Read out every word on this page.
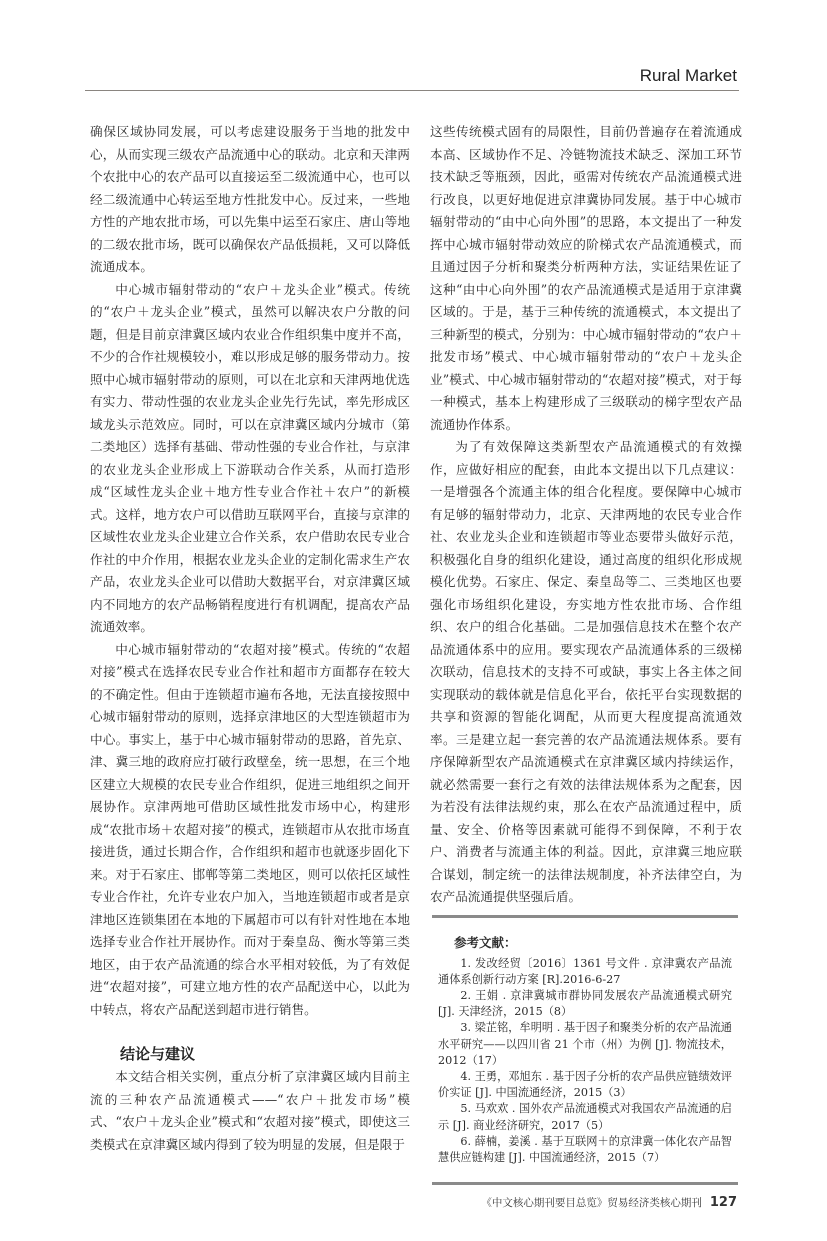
Rural Market

确保区域协同发展，可以考虑建设服务于当地的批发中心，从而实现三级农产品流通中心的联动。北京和天津两个农批中心的农产品可以直接运至二级流通中心，也可以经二级流通中心转运至地方性批发中心。反过来，一些地方性的产地农批市场，可以先集中运至石家庄、唐山等地的二级农批市场，既可以确保农产品低损耗，又可以降低流通成本。

中心城市辐射带动的“农户＋龙头企业”模式。传统的“农户＋龙头企业”模式，虽然可以解决农户分散的问题，但是目前京津冀区域内农业合作组织集中度并不高，不少的合作社规模较小，难以形成足够的服务带动力。按照中心城市辐射带动的原则，可以在北京和天津两地优选有实力、带动性强的农业龙头企业先行先试，率先形成区域龙头示范效应。同时，可以在京津冀区域内分城市（第二类地区）选择有基础、带动性强的专业合作社，与京津的农业龙头企业形成上下游联动合作关系，从而打造形成“区域性龙头企业＋地方性专业合作社＋农户”的新模式。这样，地方农户可以借助互联网平台，直接与京津的区域性农业龙头企业建立合作关系，农户借助农民专业合作社的中介作用，根据农业龙头企业的定制化需求生产农产品，农业龙头企业可以借助大数据平台，对京津冀区域内不同地方的农产品畅销程度进行有机调配，提高农产品流通效率。

中心城市辐射带动的“农超对接”模式。传统的“农超对接”模式在选择农民专业合作社和超市方面都存在较大的不确定性。但由于连锁超市遍布各地，无法直接按照中心城市辐射带动的原则，选择京津地区的大型连锁超市为中心。事实上，基于中心城市辐射带动的思路，首先京、津、冀三地的政府应打破行政壁垒，统一思想，在三个地区建立大规模的农民专业合作组织，促进三地组织之间开展协作。京津两地可借助区域性批发市场中心，构建形成“农批市场＋农超对接”的模式，连锁超市从农批市场直接进货，通过长期合作，合作组织和超市也就逐步固化下来。对于石家庄、邯郸等第二类地区，则可以依托区域性专业合作社，允许专业农户加入，当地连锁超市或者是京津地区连锁集团在本地的下属超市可以有针对性地在本地选择专业合作社开展协作。而对于秦皇岛、衡水等第三类地区，由于农产品流通的综合水平相对较低，为了有效促进“农超对接”，可建立地方性的农产品配送中心，以此为中转点，将农产品配送到超市进行销售。

结论与建议

本文结合相关实例，重点分析了京津冀区域内目前主流的三种农产品流通模式——“农户＋批发市场”模式、“农户＋龙头企业”模式和“农超对接”模式，即使这三类模式在京津冀区域内得到了较为明显的发展，但是限于

这些传统模式固有的局限性，目前仍普遍存在着流通成本高、区域协作不足、冷链物流技术缺乏、深加工环节技术缺乏等瓶颈，因此，亟需对传统农产品流通模式进行改良，以更好地促进京津冀协同发展。基于中心城市辐射带动的“由中心向外围”的思路，本文提出了一种发挥中心城市辐射带动效应的阶梯式农产品流通模式，而且通过因子分析和聚类分析两种方法，实证结果佐证了这种“由中心向外围”的农产品流通模式是适用于京津冀区域的。于是，基于三种传统的流通模式，本文提出了三种新型的模式，分别为：中心城市辐射带动的“农户＋批发市场”模式、中心城市辐射带动的“农户＋龙头企业”模式、中心城市辐射带动的“农超对接”模式，对于每一种模式，基本上构建形成了三级联动的梯字型农产品流通协作体系。

为了有效保障这类新型农产品流通模式的有效操作，应做好相应的配套，由此本文提出以下几点建议：一是增强各个流通主体的组合化程度。要保障中心城市有足够的辐射带动力，北京、天津两地的农民专业合作社、农业龙头企业和连锁超市等业态要带头做好示范，积极强化自身的组织化建设，通过高度的组织化形成规模化优势。石家庄、保定、秦皇岛等二、三类地区也要强化市场组织化建设，夯实地方性农批市场、合作组织、农户的组合化基础。二是加强信息技术在整个农产品流通体系中的应用。要实现农产品流通体系的三级梯次联动，信息技术的支持不可或缺，事实上各主体之间实现联动的载体就是信息化平台，依托平台实现数据的共享和资源的智能化调配，从而更大程度提高流通效率。三是建立起一套完善的农产品流通法规体系。要有序保障新型农产品流通模式在京津冀区域内持续运作，就必然需要一套行之有效的法律法规体系为之配套，因为若没有法律法规约束，那么在农产品流通过程中，质量、安全、价格等因素就可能得不到保障，不利于农户、消费者与流通主体的利益。因此，京津冀三地应联合谋划，制定统一的法律法规制度，补齐法律空白，为农产品流通提供坚强后盾。

参考文献：
1. 发改经贸〔2016〕1361 号文件 . 京津冀农产品流通体系创新行动方案 [R].2016-6-27
2. 王娟 . 京津冀城市群协同发展农产品流通模式研究 [J]. 天津经济，2015（8）
3. 梁芷铭，牟明明 . 基于因子和聚类分析的农产品流通水平研究——以四川省 21 个市（州）为例 [J]. 物流技术，2012（17）
4. 王勇，邓旭东 . 基于因子分析的农产品供应链绩效评价实证 [J]. 中国流通经济，2015（3）
5. 马欢欢 . 国外农产品流通模式对我国农产品流通的启示 [J]. 商业经济研究，2017（5）
6. 薛楠，姜溪 . 基于互联网＋的京津冀一体化农产品智慧供应链构建 [J]. 中国流通经济，2015（7）
《中文核心期刊要目总览》贸易经济类核心期刊 127
